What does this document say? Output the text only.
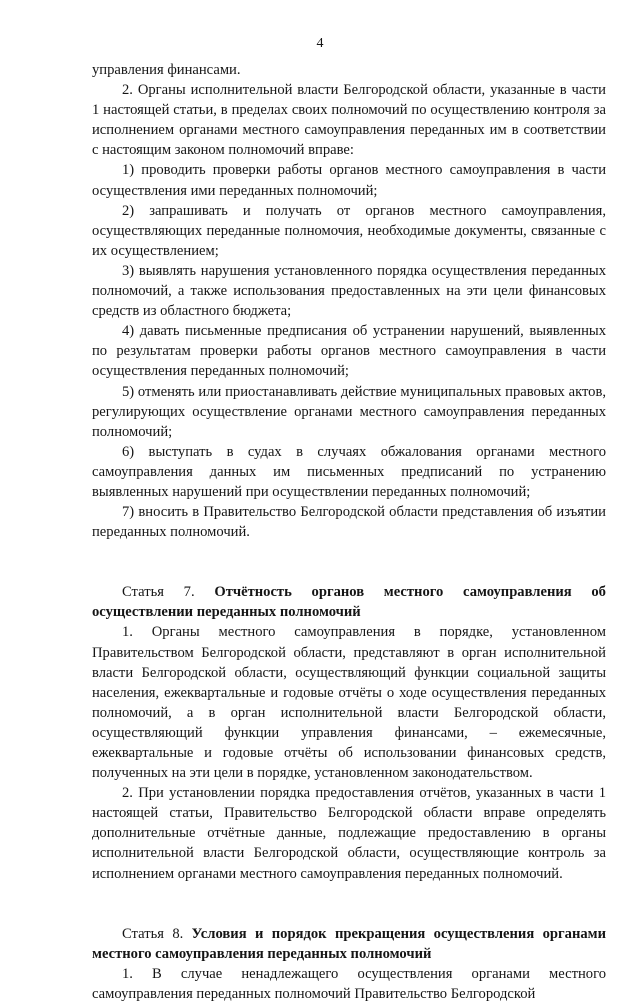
4

управления финансами.

2. Органы исполнительной власти Белгородской области, указанные в части 1 настоящей статьи, в пределах своих полномочий по осуществлению контроля за исполнением органами местного самоуправления переданных им в соответствии с настоящим законом полномочий вправе:

1) проводить проверки работы органов местного самоуправления в части осуществления ими переданных полномочий;

2) запрашивать и получать от органов местного самоуправления, осуществляющих переданные полномочия, необходимые документы, связанные с их осуществлением;

3) выявлять нарушения установленного порядка осуществления переданных полномочий, а также использования предоставленных на эти цели финансовых средств из областного бюджета;

4) давать письменные предписания об устранении нарушений, выявленных по результатам проверки работы органов местного самоуправления в части осуществления переданных полномочий;

5) отменять или приостанавливать действие муниципальных правовых актов, регулирующих осуществление органами местного самоуправления переданных полномочий;

6) выступать в судах в случаях обжалования органами местного самоуправления данных им письменных предписаний по устранению выявленных нарушений при осуществлении переданных полномочий;

7) вносить в Правительство Белгородской области представления об изъятии переданных полномочий.

Статья 7. Отчётность органов местного самоуправления об осуществлении переданных полномочий

1. Органы местного самоуправления в порядке, установленном Правительством Белгородской области, представляют в орган исполнительной власти Белгородской области, осуществляющий функции социальной защиты населения, ежеквартальные и годовые отчёты о ходе осуществления переданных полномочий, а в орган исполнительной власти Белгородской области, осуществляющий функции управления финансами, – ежемесячные, ежеквартальные и годовые отчёты об использовании финансовых средств, полученных на эти цели в порядке, установленном законодательством.

2. При установлении порядка предоставления отчётов, указанных в части 1 настоящей статьи, Правительство Белгородской области вправе определять дополнительные отчётные данные, подлежащие предоставлению в органы исполнительной власти Белгородской области, осуществляющие контроль за исполнением органами местного самоуправления переданных полномочий.

Статья 8. Условия и порядок прекращения осуществления органами местного самоуправления переданных полномочий

1. В случае ненадлежащего осуществления органами местного самоуправления переданных полномочий Правительство Белгородской
